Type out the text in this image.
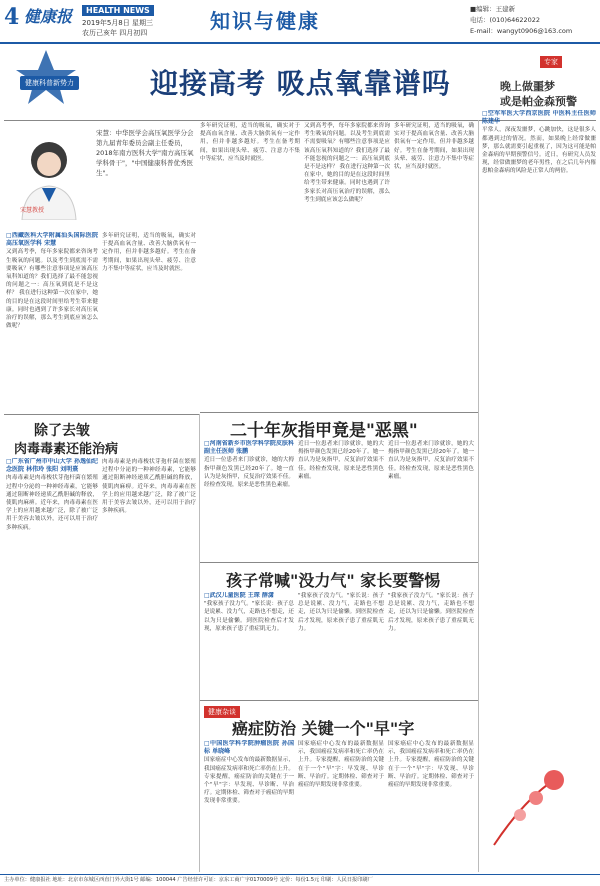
4 健康报	HEALTH NEWS
2019年5月8日 星期三
农历己亥年 四月初四	知识与健康	■编辑：王建新
电话：(010)64622022
E-mail：wangyt0906@163.com
健康科普新势力	迎接高考 吸点氧靠谱吗
专家
晚上做噩梦
或是帕金森预警
宋慧教授
宋慧：中华医学会高压氧医学分会第九届青年委员会副主任委员，2018年南方医科大学"南方高压氧学科骨干"，"中国健康科普优秀医生"。
□西藏医科大学附属汕头国际医院 高压氧医学科 宋慧
又到高考季，每年多家院都来咨询考生吸氧的问题。以及考生到底需不需要吸氧？有哪些注意事项是应该高压氧科知道的？我们选择了最不能忽视的问题之一：高压氧到底是不是这样？ 我在进行这种第一次在家中，她的目的是在这段时间里给考生带来健康。同时也遇到了许多家长对高压氧治疗的误解，那么考生到底应该怎么做呢？
多年研究证明，适当的吸氧，确实对于提高血氧含量、改善大脑供氧有一定作用，但并非越多越好。考生在备考期间，如果出现头晕、疲劳、注意力不集中等症状，应当及时就医。
多年研究证明，适当的吸氧，确实对于提高血氧含量、改善大脑供氧有一定作用，但并非越多越好。考生在备考期间，如果出现头晕、疲劳、注意力不集中等症状，应当及时就医。
又到高考季，每年多家院都来咨询考生吸氧的问题。以及考生到底需不需要吸氧？有哪些注意事项是应该高压氧科知道的？我们选择了最不能忽视的问题之一：高压氧到底是不是这样？ 我在进行这种第一次在家中，她的目的是在这段时间里给考生带来健康。同时也遇到了许多家长对高压氧治疗的误解，那么考生到底应该怎么做呢？
多年研究证明，适当的吸氧，确实对于提高血氧含量、改善大脑供氧有一定作用，但并非越多越好。考生在备考期间，如果出现头晕、疲劳、注意力不集中等症状，应当及时就医。
□空军军医大学西京医院 中医科主任医师 陈建华
平常人，深夜发噩梦，心跳加快，这是很多人都遇到过的情况。然而，如果晚上经常做噩梦，那么就需要引起重视了，因为这可能是帕金森病的早期预警信号。近日，有研究人员发现，经常做噩梦的老年男性，在之后几年内罹患帕金森病的风险是正常人的两倍。
除了去皱
肉毒毒素还能治病
□广东省广州市中山大学 孙逸仙纪念医院 林伟玲 张阳 刘明熹
肉毒毒素是肉毒梭状芽孢杆菌在繁殖过程中分泌的一种神经毒素，它能够通过阻断神经递质乙酰胆碱的释放，使肌肉麻痹。近年来，肉毒毒素在医学上的应用越来越广泛，除了被广泛用于美容去皱以外，还可以用于治疗多种疾病。
肉毒毒素是肉毒梭状芽孢杆菌在繁殖过程中分泌的一种神经毒素，它能够通过阻断神经递质乙酰胆碱的释放，使肌肉麻痹。近年来，肉毒毒素在医学上的应用越来越广泛，除了被广泛用于美容去皱以外，还可以用于治疗多种疾病。
二十年灰指甲竟是"恶黑"
□河南省新乡市医学科学院皮肤科 副主任医师 张鹏
近日一位患者来门诊就诊，她的大拇指甲颜色发黑已经20年了。她一直认为是灰指甲，反复治疗效果不佳。经检查发现，原来是恶性黑色素瘤。
近日一位患者来门诊就诊，她的大拇指甲颜色发黑已经20年了。她一直认为是灰指甲，反复治疗效果不佳。经检查发现，原来是恶性黑色素瘤。
近日一位患者来门诊就诊，她的大拇指甲颜色发黑已经20年了。她一直认为是灰指甲，反复治疗效果不佳。经检查发现，原来是恶性黑色素瘤。
孩子常喊"没力气" 家长要警惕
□武汉儿童医院 王琛 薛潇
"我家孩子没力气。"家长说：孩子总是说累、没力气，走路也不想走，还以为只是偷懒。到医院检查后才发现，原来孩子患了重症肌无力。
"我家孩子没力气。"家长说：孩子总是说累、没力气，走路也不想走，还以为只是偷懒。到医院检查后才发现，原来孩子患了重症肌无力。
"我家孩子没力气。"家长说：孩子总是说累、没力气，走路也不想走，还以为只是偷懒。到医院检查后才发现，原来孩子患了重症肌无力。
健康杂谈
癌症防治 关键一个"早"字
□中国医学科学院肿瘤医院 孙国标 单晓峰
国家癌症中心发布的最新数据显示，我国癌症发病率和死亡率仍在上升。专家提醒，癌症防治的关键在于一个"早"字：早发现、早诊断、早治疗。定期体检、筛查对于癌症的早期发现非常重要。
国家癌症中心发布的最新数据显示，我国癌症发病率和死亡率仍在上升。专家提醒，癌症防治的关键在于一个"早"字：早发现、早诊断、早治疗。定期体检、筛查对于癌症的早期发现非常重要。
国家癌症中心发布的最新数据显示，我国癌症发病率和死亡率仍在上升。专家提醒，癌症防治的关键在于一个"早"字：早发现、早诊断、早治疗。定期体检、筛查对于癌症的早期发现非常重要。
主办单位：健康报社 地址：北京市东城区西直门外大街1号 邮编：100044 广告经营许可证：京东工商广字0170009号 定价：每份1.5元 印刷：人民日报印刷厂
